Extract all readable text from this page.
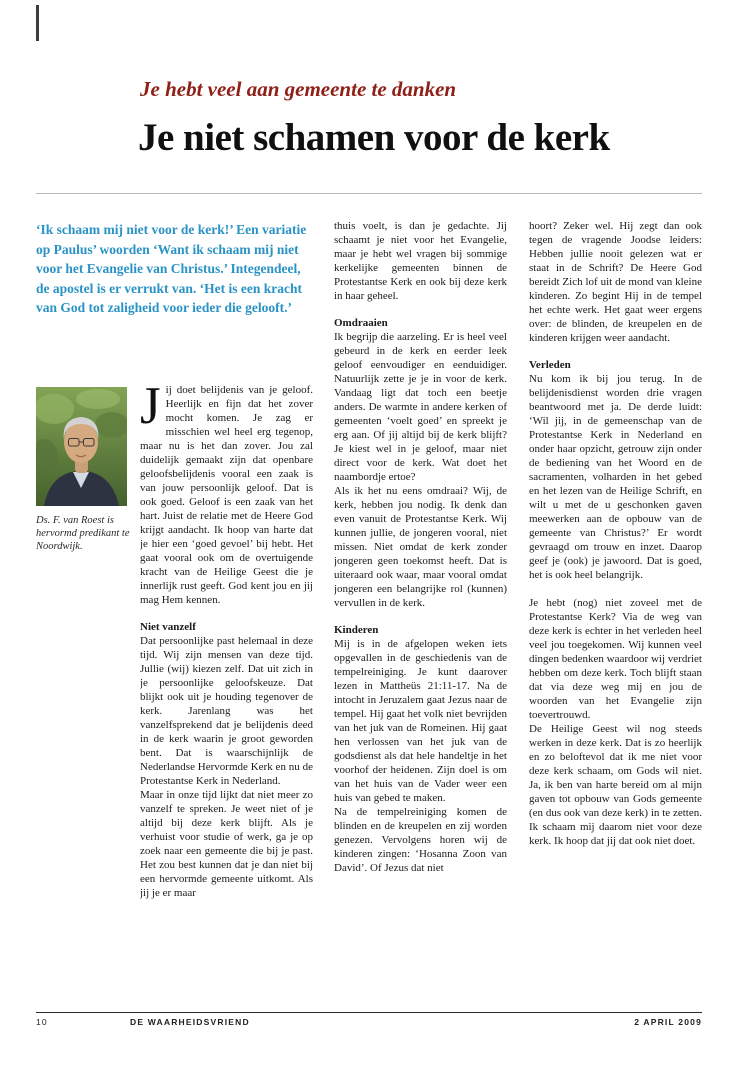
Je hebt veel aan gemeente te danken
Je niet schamen voor de kerk
‘Ik schaam mij niet voor de kerk!’ Een variatie op Paulus’ woorden ‘Want ik schaam mij niet voor het Evangelie van Christus.’ Integendeel, de apostel is er verrukt van. ‘Het is een kracht van God tot zaligheid voor ieder die gelooft.’
Ds. F. van Roest is hervormd predikant te Noordwijk.

Jij doet belijdenis van je geloof. Heerlijk en fijn dat het zover mocht komen. Je zag er misschien wel heel erg tegenop, maar nu is het dan zover. Jou zal duidelijk gemaakt zijn dat openbare geloofsbelijdenis vooral een zaak is van jouw persoonlijk geloof. Dat is ook goed. Geloof is een zaak van het hart. Juist de relatie met de Heere God krijgt aandacht. Ik hoop van harte dat je hier een ‘goed gevoel’ bij hebt. Het gaat vooral ook om de overtuigende kracht van de Heilige Geest die je innerlijk rust geeft. God kent jou en jij mag Hem kennen.

Niet vanzelf

Dat persoonlijke past helemaal in deze tijd. Wij zijn mensen van deze tijd. Jullie (wij) kiezen zelf. Dat uit zich in je persoonlijke geloofskeuze. Dat blijkt ook uit je houding tegenover de kerk. Jarenlang was het vanzelfsprekend dat je belijdenis deed in de kerk waarin je groot geworden bent. Dat is waarschijnlijk de Nederlandse Hervormde Kerk en nu de Protestantse Kerk in Nederland.

Maar in onze tijd lijkt dat niet meer zo vanzelf te spreken. Je weet niet of je altijd bij deze kerk blijft. Als je verhuist voor studie of werk, ga je op zoek naar een gemeente die bij je past. Het zou best kunnen dat je dan niet bij een hervormde gemeente uitkomt. Als jij je er maar

thuis voelt, is dan je gedachte. Jij schaamt je niet voor het Evangelie, maar je hebt wel vragen bij sommige kerkelijke gemeenten binnen de Protestantse Kerk en ook bij deze kerk in haar geheel.

Omdraaien

Ik begrijp die aarzeling. Er is heel veel gebeurd in de kerk en eerder leek geloof eenvoudiger en eenduidiger. Natuurlijk zette je je in voor de kerk. Vandaag ligt dat toch een beetje anders. De warmte in andere kerken of gemeenten ‘voelt goed’ en spreekt je erg aan. Of jij altijd bij de kerk blijft? Je kiest wel in je geloof, maar niet direct voor de kerk. Wat doet het naambordje ertoe?

Als ik het nu eens omdraai? Wij, de kerk, hebben jou nodig. Ik denk dan even vanuit de Protestantse Kerk. Wij kunnen jullie, de jongeren vooral, niet missen. Niet omdat de kerk zonder jongeren geen toekomst heeft. Dat is uiteraard ook waar, maar vooral omdat jongeren een belangrijke rol (kunnen) vervullen in de kerk.

Kinderen

Mij is in de afgelopen weken iets opgevallen in de geschiedenis van de tempelreiniging. Je kunt daarover lezen in Mattheüs 21:11-17. Na de intocht in Jeruzalem gaat Jezus naar de tempel. Hij gaat het volk niet bevrijden van het juk van de Romeinen. Hij gaat hen verlossen van het juk van de godsdienst als dat hele handeltje in het voorhof der heidenen. Zijn doel is om van het huis van de Vader weer een huis van gebed te maken.

Na de tempelreiniging komen de blinden en de kreupelen en zij worden genezen. Vervolgens horen wij de kinderen zingen: ‘Hosanna Zoon van David’. Of Jezus dat niet

hoort? Zeker wel. Hij zegt dan ook tegen de vragende Joodse leiders: Hebben jullie nooit gelezen wat er staat in de Schrift? De Heere God bereidt Zich lof uit de mond van kleine kinderen. Zo begint Hij in de tempel het echte werk. Het gaat weer ergens over: de blinden, de kreupelen en de kinderen krijgen weer aandacht.

Verleden

Nu kom ik bij jou terug. In de belijdenisdienst worden drie vragen beantwoord met ja. De derde luidt: ‘Wil jij, in de gemeenschap van de Protestantse Kerk in Nederland en onder haar opzicht, getrouw zijn onder de bediening van het Woord en de sacramenten, volharden in het gebed en het lezen van de Heilige Schrift, en wilt u met de u geschonken gaven meewerken aan de opbouw van de gemeente van Christus?’ Er wordt gevraagd om trouw en inzet. Daarop geef je (ook) je jawoord. Dat is goed, het is ook heel belangrijk.

Je hebt (nog) niet zoveel met de Protestantse Kerk? Via de weg van deze kerk is echter in het verleden heel veel jou toegekomen. Wij kunnen veel dingen bedenken waardoor wij verdriet hebben om deze kerk. Toch blijft staan dat via deze weg mij en jou de woorden van het Evangelie zijn toevertrouwd.

De Heilige Geest wil nog steeds werken in deze kerk. Dat is zo heerlijk en zo beloftevol dat ik me niet voor deze kerk schaam, om Gods wil niet. Ja, ik ben van harte bereid om al mijn gaven tot opbouw van Gods gemeente (en dus ook van deze kerk) in te zetten. Ik schaam mij daarom niet voor deze kerk. Ik hoop dat jij dat ook niet doet.

10	DE WAARHEIDSVRIEND	2 APRIL 2009
